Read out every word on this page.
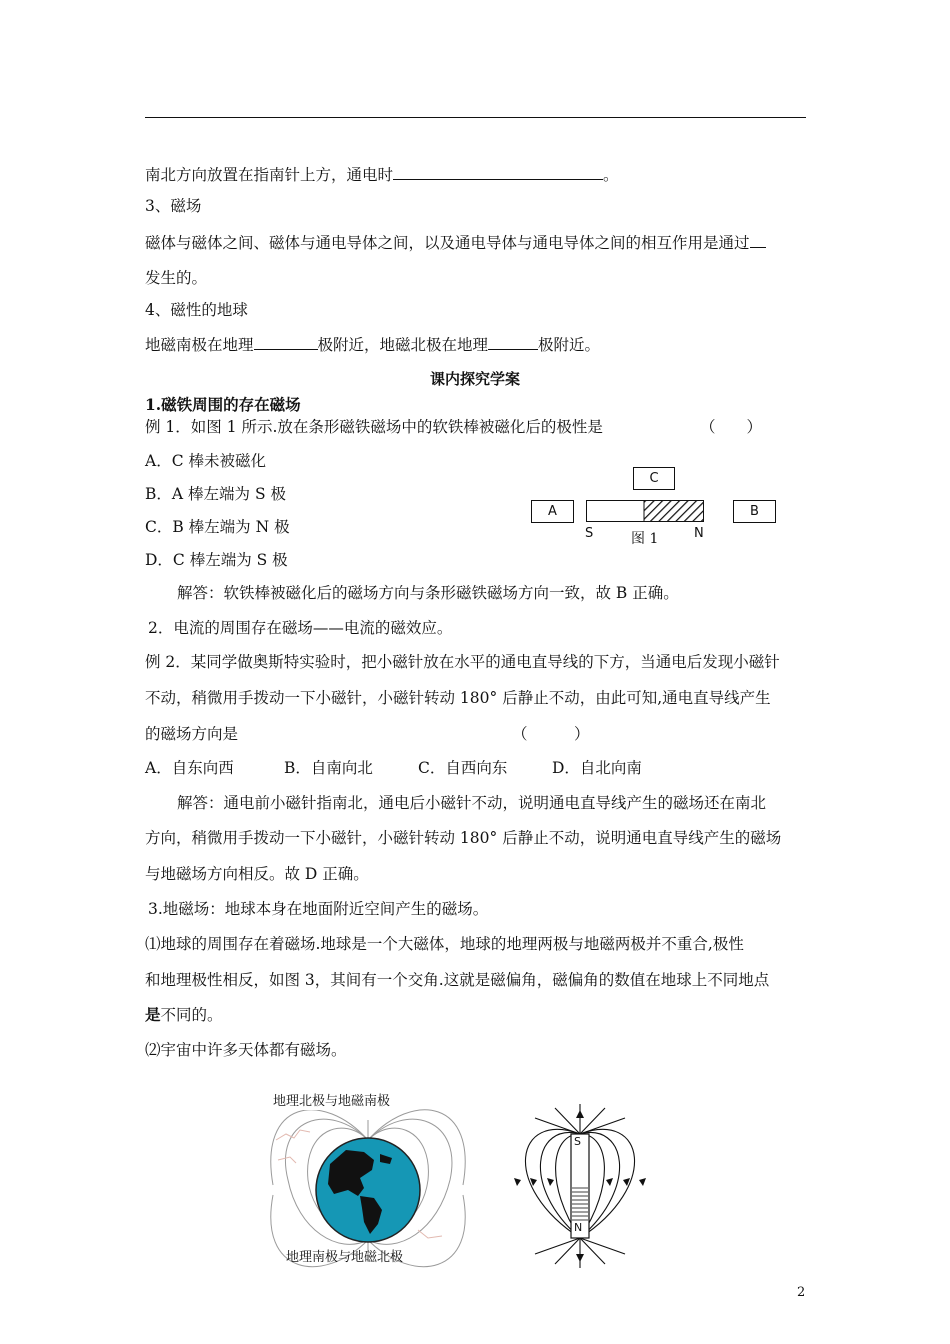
南北方向放置在指南针上方，通电时	。
3、磁场
磁体与磁体之间、磁体与通电导体之间，以及通电导体与通电导体之间的相互作用是通过
发生的。
4、磁性的地球
地磁南极在地理	极附近，地磁北极在地理	极附近。
课内探究学案
1.磁铁周围的存在磁场
例 1．如图 1 所示.放在条形磁铁磁场中的软铁棒被磁化后的极性是	（　　）
A．C 棒未被磁化
B．A 棒左端为 S 极
C．B 棒左端为 N 极
D．C 棒左端为 S 极
C
A	B
S	N
图 1
解答：软铁棒被磁化后的磁场方向与条形磁铁磁场方向一致，故 B 正确。
2．电流的周围存在磁场——电流的磁效应。
例 2．某同学做奥斯特实验时，把小磁针放在水平的通电直导线的下方，当通电后发现小磁针
不动，稍微用手拨动一下小磁针，小磁针转动 180° 后静止不动，由此可知,通电直导线产生
的磁场方向是	（　　　）
A．自东向西	B．自南向北	C．自西向东	D．自北向南
解答：通电前小磁针指南北，通电后小磁针不动，说明通电直导线产生的磁场还在南北
方向，稍微用手拨动一下小磁针，小磁针转动 180° 后静止不动，说明通电直导线产生的磁场
与地磁场方向相反。故 D 正确。
3.地磁场：地球本身在地面附近空间产生的磁场。
⑴地球的周围存在着磁场.地球是一个大磁体，地球的地理两极与地磁两极并不重合,极性
和地理极性相反，如图 3，其间有一个交角.这就是磁偏角，磁偏角的数值在地球上不同地点
是不同的。
⑵宇宙中许多天体都有磁场。
地理北极与地磁南极
地理南极与地磁北极
S
N
2
